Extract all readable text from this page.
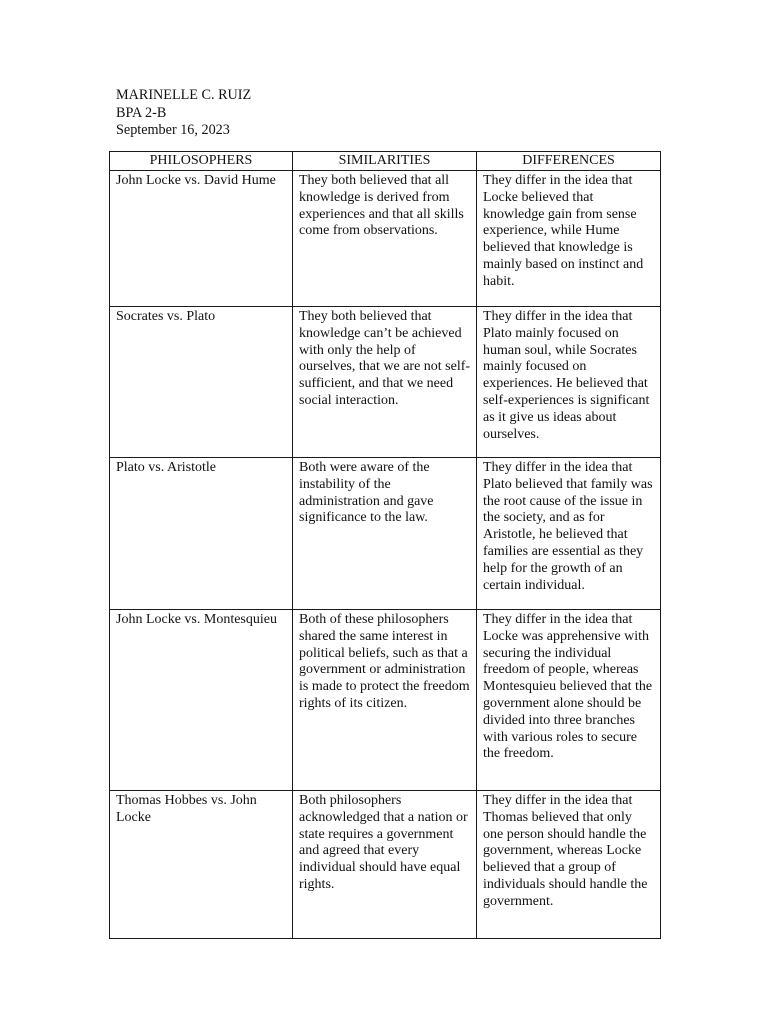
MARINELLE C. RUIZ
BPA 2-B
September 16, 2023
PHILOSOPHERS	SIMILARITIES	DIFFERENCES
John Locke vs. David Hume	They both believed that all knowledge is derived from experiences and that all skills come from observations.	They differ in the idea that Locke believed that knowledge gain from sense experience, while Hume believed that knowledge is mainly based on instinct and habit.
Socrates vs. Plato	They both believed that knowledge can’t be achieved with only the help of ourselves, that we are not self-sufficient, and that we need social interaction.	They differ in the idea that Plato mainly focused on human soul, while Socrates mainly focused on experiences. He believed that self-experiences is significant as it give us ideas about ourselves.
Plato vs. Aristotle	Both were aware of the instability of the administration and gave significance to the law.	They differ in the idea that Plato believed that family was the root cause of the issue in the society, and as for Aristotle, he believed that families are essential as they help for the growth of an certain individual.
John Locke vs. Montesquieu	Both of these philosophers shared the same interest in political beliefs, such as that a government or administration is made to protect the freedom rights of its citizen.	They differ in the idea that Locke was apprehensive with securing the individual freedom of people, whereas Montesquieu believed that the government alone should be divided into three branches with various roles to secure the freedom.
Thomas Hobbes vs. John Locke	Both philosophers acknowledged that a nation or state requires a government and agreed that every individual should have equal rights.	They differ in the idea that Thomas believed that only one person should handle the government, whereas Locke believed that a group of individuals should handle the government.
